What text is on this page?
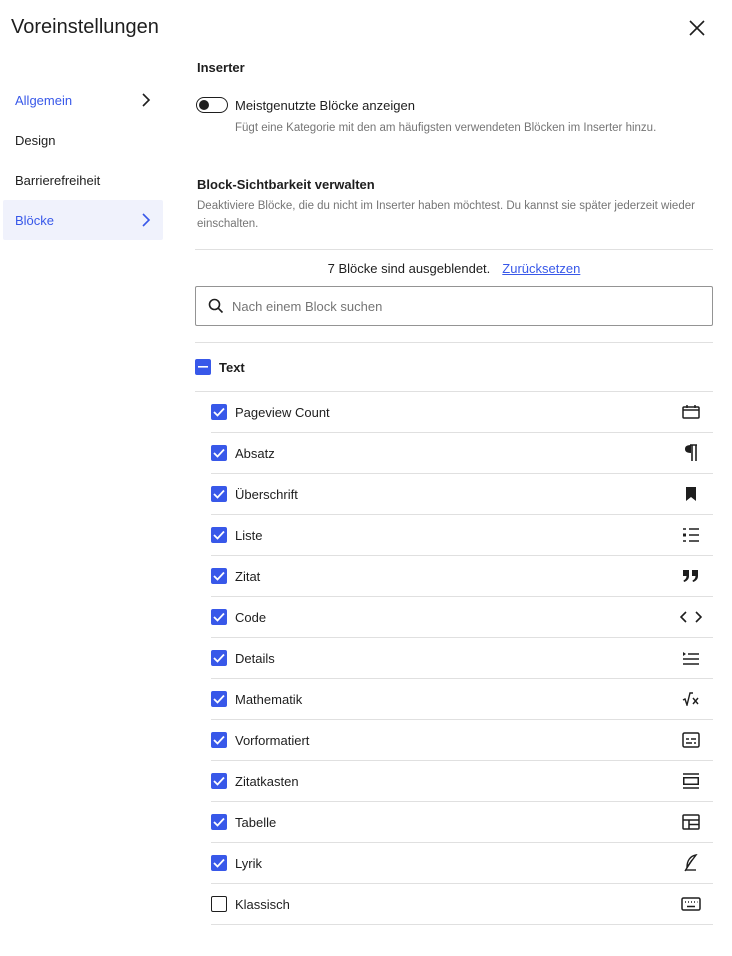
Voreinstellungen
Allgemein
Design
Barrierefreiheit
Blöcke
Inserter
Meistgenutzte Blöcke anzeigen
Fügt eine Kategorie mit den am häufigsten verwendeten Blöcken im Inserter hinzu.
Block-Sichtbarkeit verwalten
Deaktiviere Blöcke, die du nicht im Inserter haben möchtest. Du kannst sie später jederzeit wieder einschalten.
7 Blöcke sind ausgeblendet. Zurücksetzen
Nach einem Block suchen
Text
Pageview Count
Absatz
Überschrift
Liste
Zitat
Code
Details
Mathematik
Vorformatiert
Zitatkasten
Tabelle
Lyrik
Klassisch
